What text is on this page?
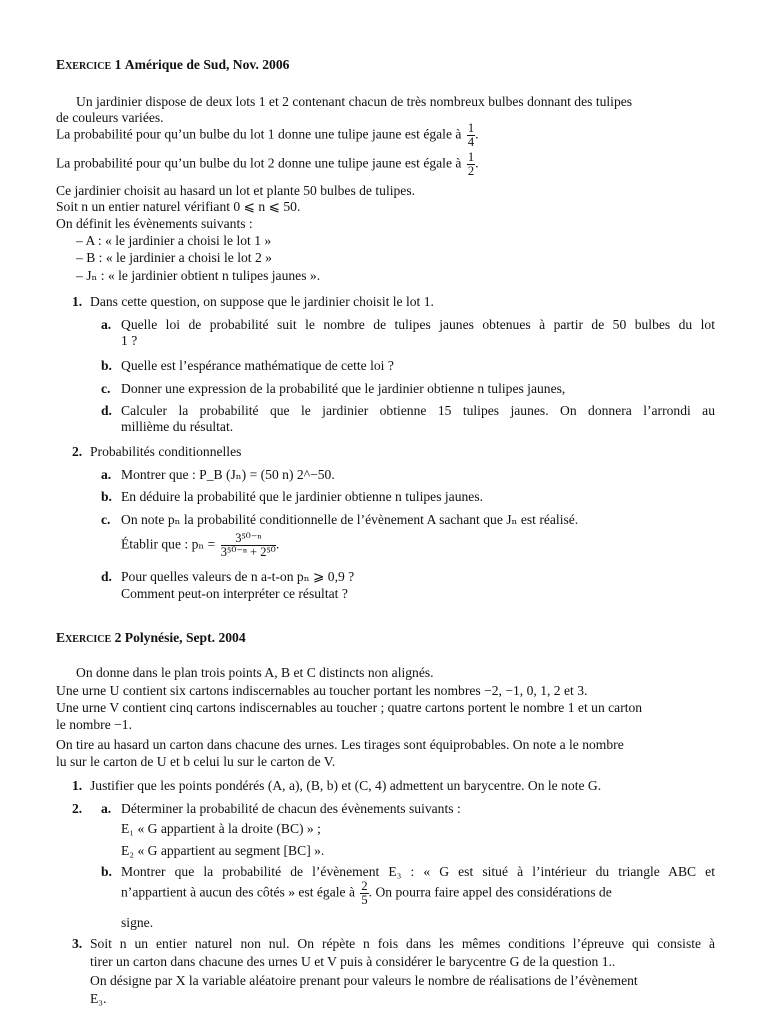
Exercice 1 Amérique de Sud, Nov. 2006
Un jardinier dispose de deux lots 1 et 2 contenant chacun de très nombreux bulbes donnant des tulipes
de couleurs variées.
La probabilité pour qu’un bulbe du lot 1 donne une tulipe jaune est égale à $\frac{1}{4}$ .
La probabilité pour qu’un bulbe du lot 2 donne une tulipe jaune est égale à $\frac{1}{2}$ .
Ce jardinier choisit au hasard un lot et plante 50 bulbes de tulipes.
Soit n un entier naturel vérifiant 0 ⩽ n ⩽ 50.
On définit les évènements suivants :
– A : « le jardinier a choisi le lot 1 »
– B : « le jardinier a choisi le lot 2 »
– Jₙ : « le jardinier obtient n tulipes jaunes ».
1. Dans cette question, on suppose que le jardinier choisit le lot 1.
a. Quelle loi de probabilité suit le nombre de tulipes jaunes obtenues à partir de 50 bulbes du lot
1 ?
b. Quelle est l’espérance mathématique de cette loi ?
c. Donner une expression de la probabilité que le jardinier obtienne n tulipes jaunes,
d. Calculer la probabilité que le jardinier obtienne 15 tulipes jaunes. On donnera l’arrondi au
millième du résultat.
2. Probabilités conditionnelles
a. Montrer que : P_B (Jₙ) = (50 n) 2^−50.
b. En déduire la probabilité que le jardinier obtienne n tulipes jaunes.
c. On note pₙ la probabilité conditionnelle de l’évènement A sachant que Jₙ est réalisé.
Établir que : $p_n = \frac{\text{3⁵⁰⁻ⁿ}}{\text{3⁵⁰⁻ⁿ + 2⁵⁰}}$ .
d. Pour quelles valeurs de n a-t-on pₙ ⩾ 0,9 ?
Comment peut-on interpréter ce résultat ?
Exercice 2 Polynésie, Sept. 2004
On donne dans le plan trois points A, B et C distincts non alignés.
Une urne U contient six cartons indiscernables au toucher portant les nombres −2, −1, 0, 1, 2 et 3.
Une urne V contient cinq cartons indiscernables au toucher ; quatre cartons portent le nombre 1 et un carton
le nombre −1.
On tire au hasard un carton dans chacune des urnes. Les tirages sont équiprobables. On note a le nombre
lu sur le carton de U et b celui lu sur le carton de V.
1. Justifier que les points pondérés (A, a), (B, b) et (C, 4) admettent un barycentre. On le note G.
2. a. Déterminer la probabilité de chacun des évènements suivants :
E₁ « G appartient à la droite (BC) » ;
E₂ « G appartient au segment [BC] ».
b. Montrer que la probabilité de l’évènement E₃ : « G est situé à l’intérieur du triangle ABC et
n’appartient à aucun des côtés » est égale à $\frac{2}{5}$ . On pourra faire appel des considérations de
signe.
3. Soit n un entier naturel non nul. On répète n fois dans les mêmes conditions l’épreuve qui consiste à
tirer un carton dans chacune des urnes U et V puis à considérer le barycentre G de la question 1..
On désigne par X la variable aléatoire prenant pour valeurs le nombre de réalisations de l’évènement
E₃.
